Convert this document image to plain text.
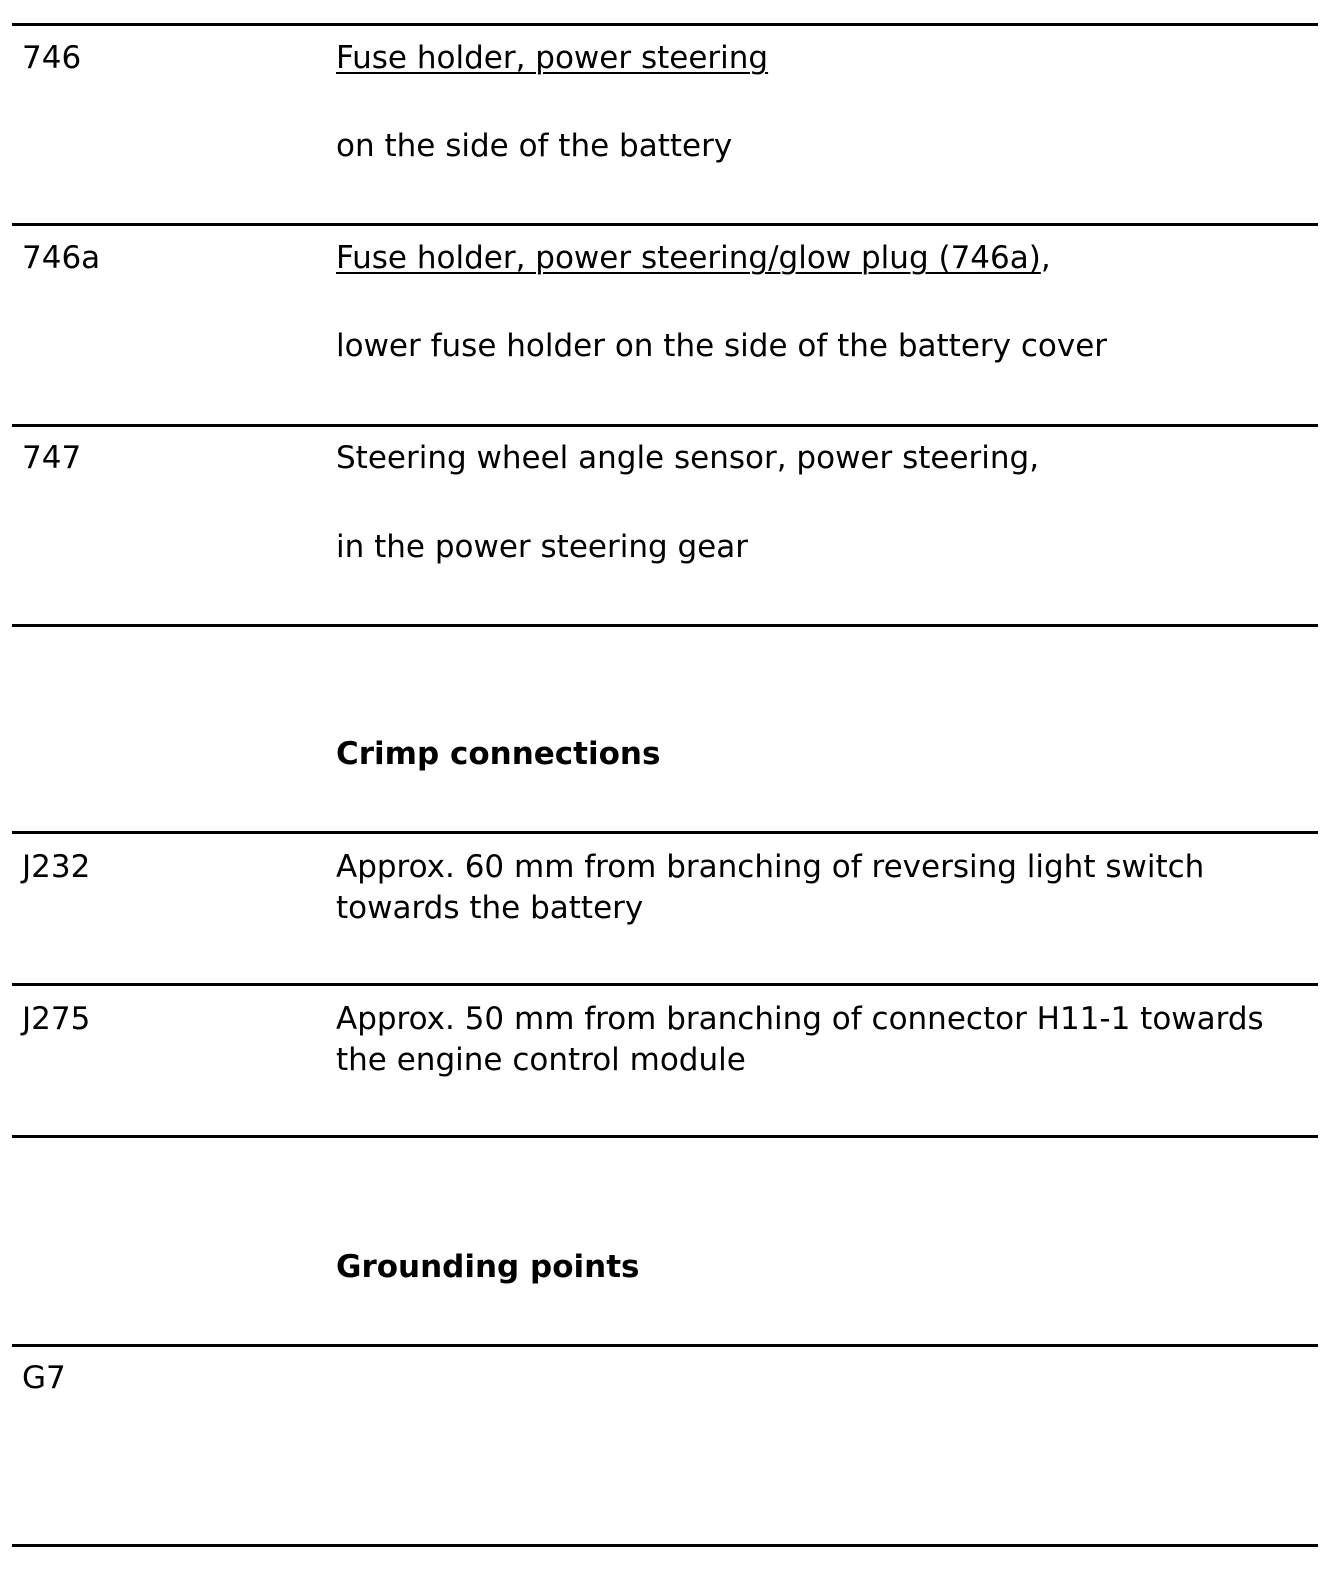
746	Fuse holder, power steering
on the side of the battery
746a	Fuse holder, power steering/glow plug (746a),
lower fuse holder on the side of the battery cover
747	Steering wheel angle sensor, power steering,
in the power steering gear
Crimp connections
J232	Approx. 60 mm from branching of reversing light switch towards the battery
J275	Approx. 50 mm from branching of connector H11-1 towards the engine control module
Grounding points
G7
